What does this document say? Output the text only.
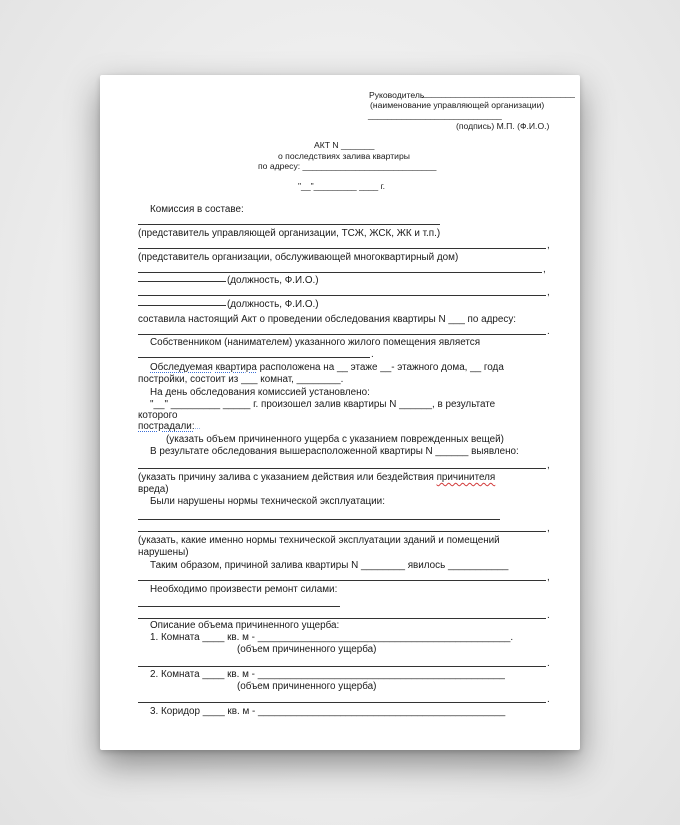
Руководитель
________________________________
(наименование управляющей организации)
____________________________
(подпись) М.П. (Ф.И.О.)
АКТ N _______
о последствиях залива квартиры
по адресу: ____________________________
"__"_________ ____ г.
Комиссия в составе:
(представитель управляющей организации, ТСЖ, ЖСК, ЖК и т.п.)
,
(представитель организации, обслуживающей многоквартирный дом)
,
(должность, Ф.И.О.)
,
(должность, Ф.И.О.)
составила настоящий Акт о проведении обследования квартиры N ___ по адресу:
.
Собственником (нанимателем) указанного жилого помещения является
.
Обследуемая квартира расположена на __ этаже __- этажного дома, __ года
постройки, состоит из ___ комнат, ________.
На день обследования комиссией установлено:
"__" _________ _____ г. произошел залив квартиры N ______, в результате
которого
пострадали:...
(указать объем причиненного ущерба с указанием поврежденных вещей)
В результате обследования вышерасположенной квартиры N ______ выявлено:
,
(указать причину залива с указанием действия или бездействия причинителя
вреда)
Были нарушены нормы технической эксплуатации:
,
(указать, какие именно нормы технической эксплуатации зданий и помещений
нарушены)
Таким образом, причиной залива квартиры N ________ явилось ___________
,
Необходимо произвести ремонт силами:
.
Описание объема причиненного ущерба:
1. Комната ____ кв. м - ______________________________________________.
(объем причиненного ущерба)
.
2. Комната ____ кв. м - _____________________________________________
(объем причиненного ущерба)
.
3. Коридор ____ кв. м - _____________________________________________
